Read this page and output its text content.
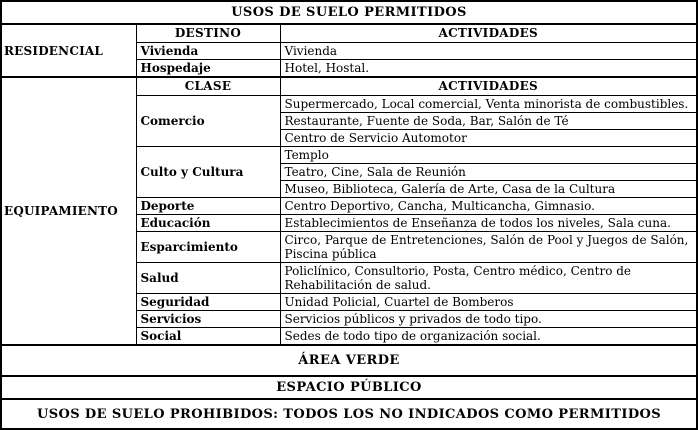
USOS DE SUELO PERMITIDOS
RESIDENCIAL	DESTINO	ACTIVIDADES
	Vivienda	Vivienda
	Hospedaje	Hotel, Hostal.
EQUIPAMIENTO	CLASE	ACTIVIDADES
	Comercio	Supermercado, Local comercial, Venta minorista de combustibles.
		Restaurante, Fuente de Soda, Bar, Salón de Té
		Centro de Servicio Automotor
	Culto y Cultura	Templo
		Teatro, Cine, Sala de Reunión
		Museo, Biblioteca, Galería de Arte, Casa de la Cultura
	Deporte	Centro Deportivo, Cancha, Multicancha, Gimnasio.
	Educación	Establecimientos de Enseñanza de todos los niveles, Sala cuna.
	Esparcimiento	Circo, Parque de Entretenciones, Salón de Pool y Juegos de Salón, Piscina pública
	Salud	Policlínico, Consultorio, Posta, Centro médico, Centro de Rehabilitación de salud.
	Seguridad	Unidad Policial, Cuartel de Bomberos
	Servicios	Servicios públicos y privados de todo tipo.
	Social	Sedes de todo tipo de organización social.
ÁREA VERDE
ESPACIO PÚBLICO
USOS DE SUELO PROHIBIDOS: TODOS LOS NO INDICADOS COMO PERMITIDOS
